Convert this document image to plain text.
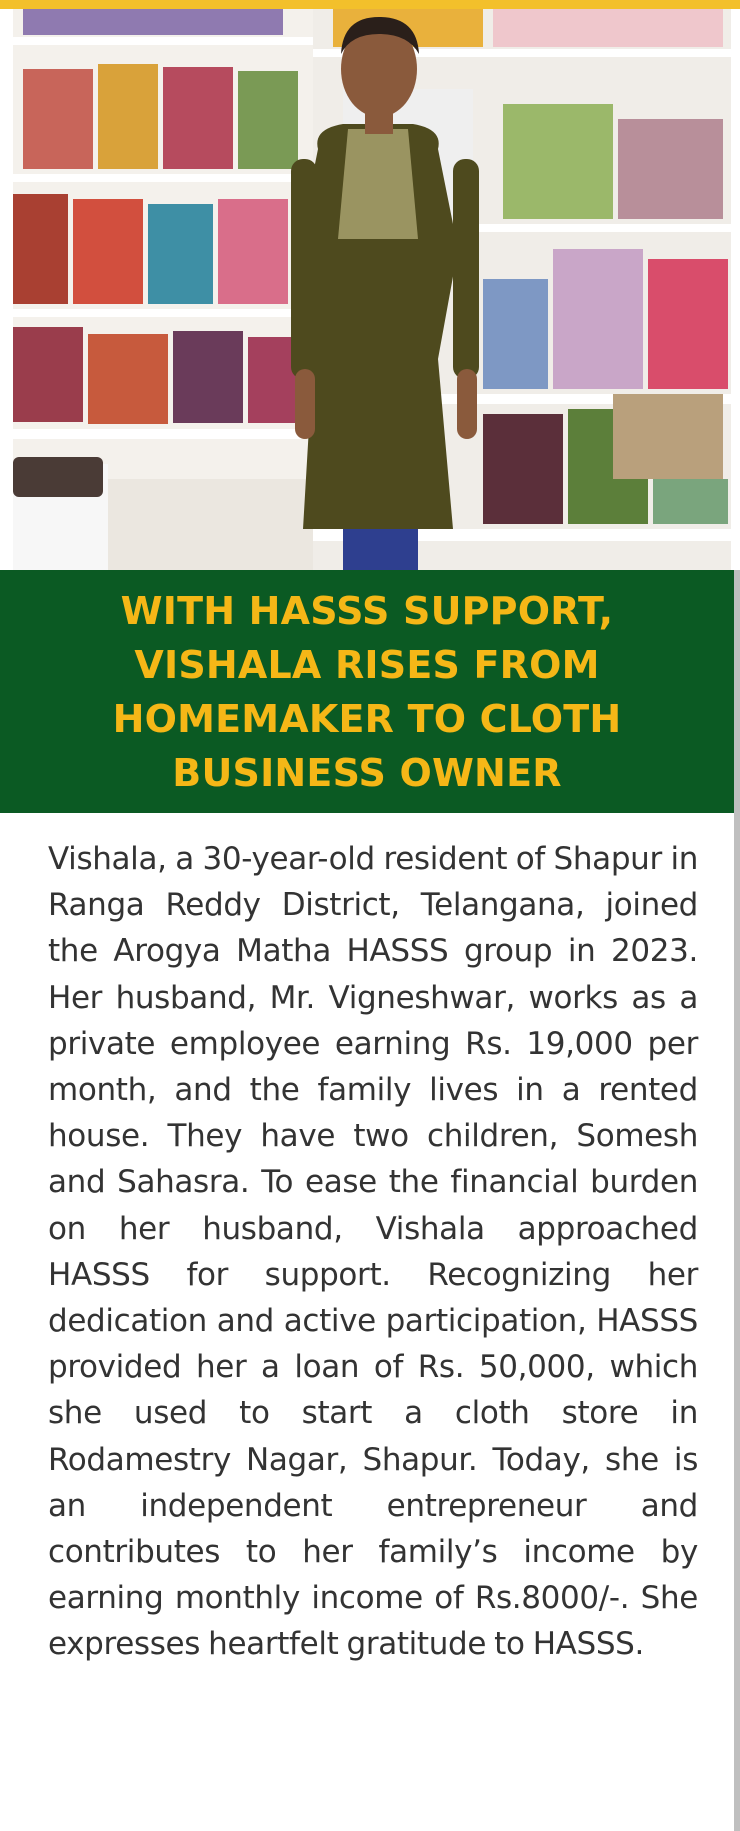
WITH HASSS SUPPORT, VISHALA RISES FROM HOMEMAKER TO CLOTH BUSINESS OWNER

Vishala, a 30-year-old resident of Shapur in Ranga Reddy District, Telangana, joined the Arogya Matha HASSS group in 2023. Her husband, Mr. Vigneshwar, works as a private employee earning Rs. 19,000 per month, and the family lives in a rented house. They have two children, Somesh and Sahasra. To ease the financial burden on her husband, Vishala approached HASSS for support. Recognizing her dedication and active participation, HASSS provided her a loan of Rs. 50,000, which she used to start a cloth store in Rodamestry Nagar, Shapur. Today, she is an independent entrepreneur and contributes to her family’s income by earning monthly income of Rs.8000/-. She expresses heartfelt gratitude to HASSS.
